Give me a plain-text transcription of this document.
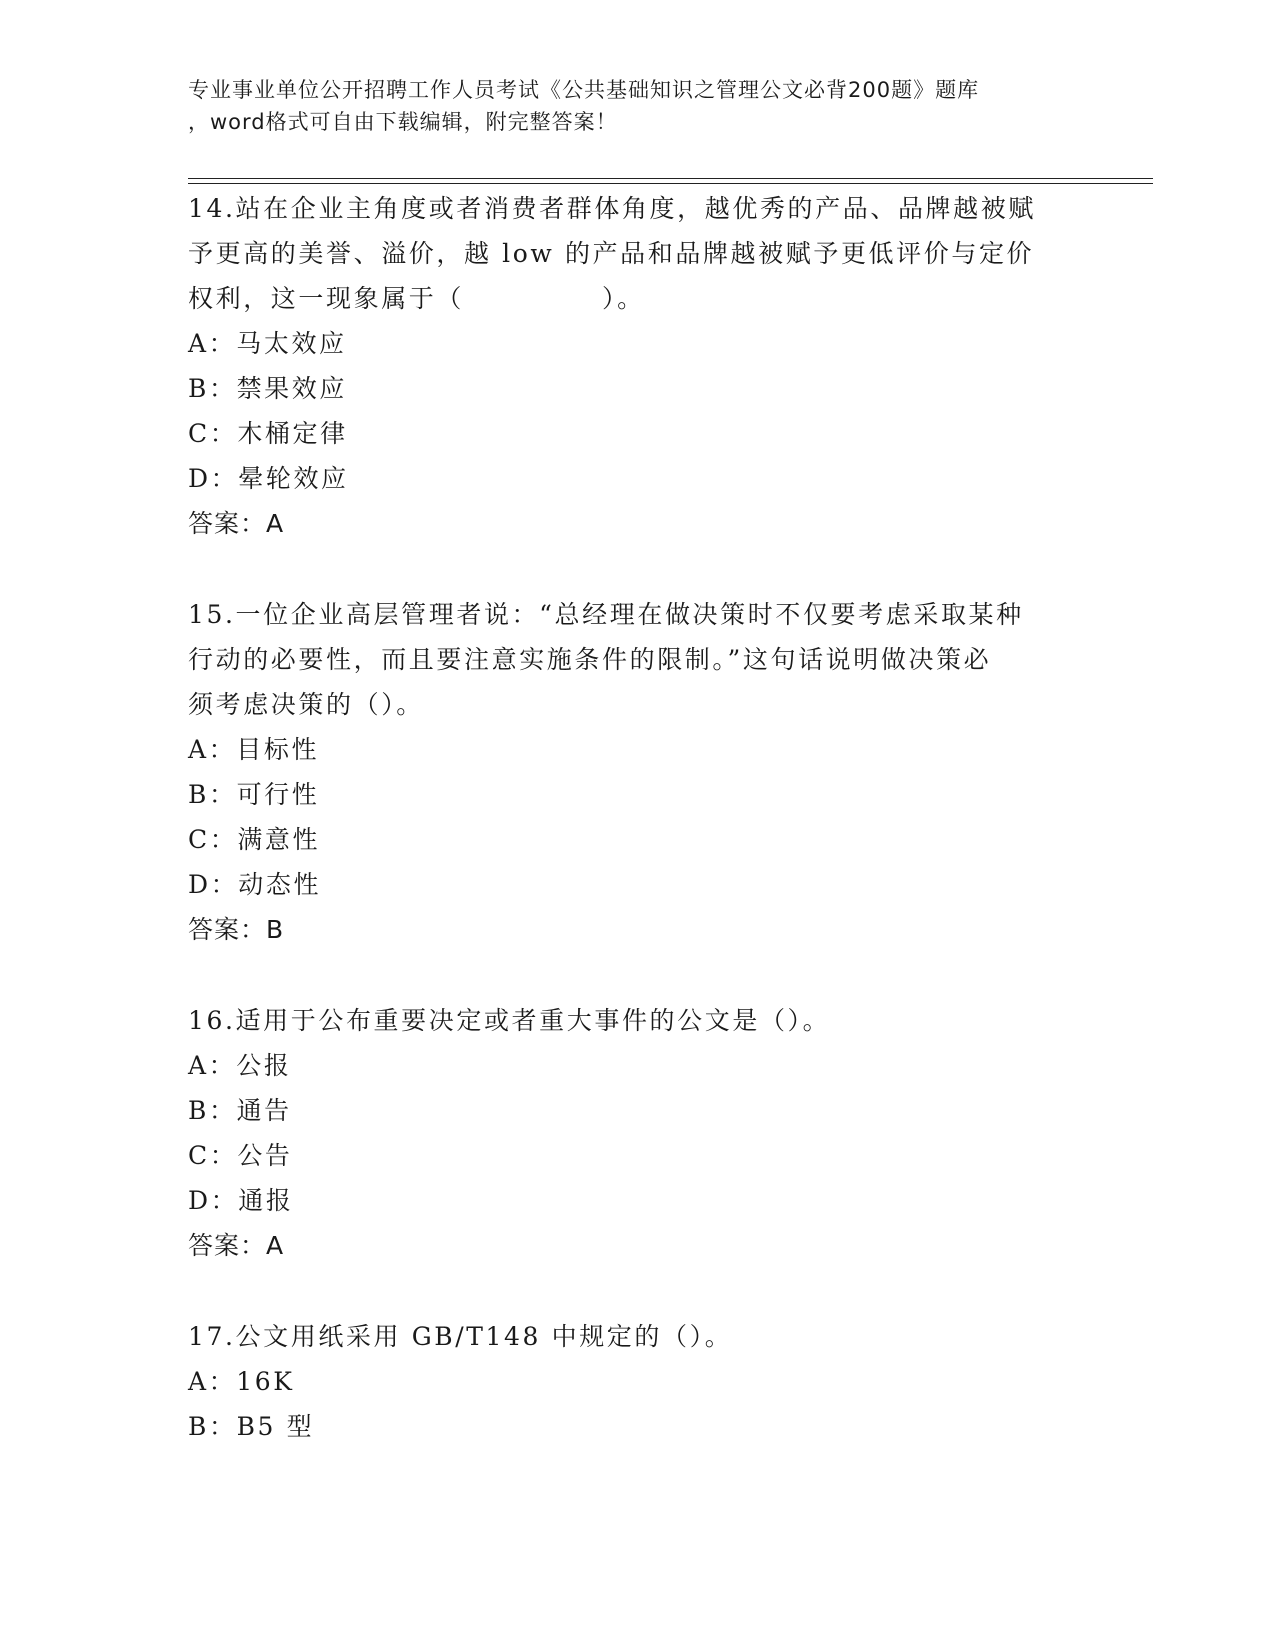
专业事业单位公开招聘工作人员考试《公共基础知识之管理公文必背200题》题库
，word格式可自由下载编辑，附完整答案！
14.站在企业主角度或者消费者群体角度，越优秀的产品、品牌越被赋
予更高的美誉、溢价，越 low 的产品和品牌越被赋予更低评价与定价
权利，这一现象属于（　　　　　）。
A：马太效应
B：禁果效应
C：木桶定律
D：晕轮效应
答案：A
15.一位企业高层管理者说：“总经理在做决策时不仅要考虑采取某种
行动的必要性，而且要注意实施条件的限制。”这句话说明做决策必
须考虑决策的（）。
A：目标性
B：可行性
C：满意性
D：动态性
答案：B
16.适用于公布重要决定或者重大事件的公文是（）。
A：公报
B：通告
C：公告
D：通报
答案：A
17.公文用纸采用 GB/T148 中规定的（）。
A：16K
B：B5 型
